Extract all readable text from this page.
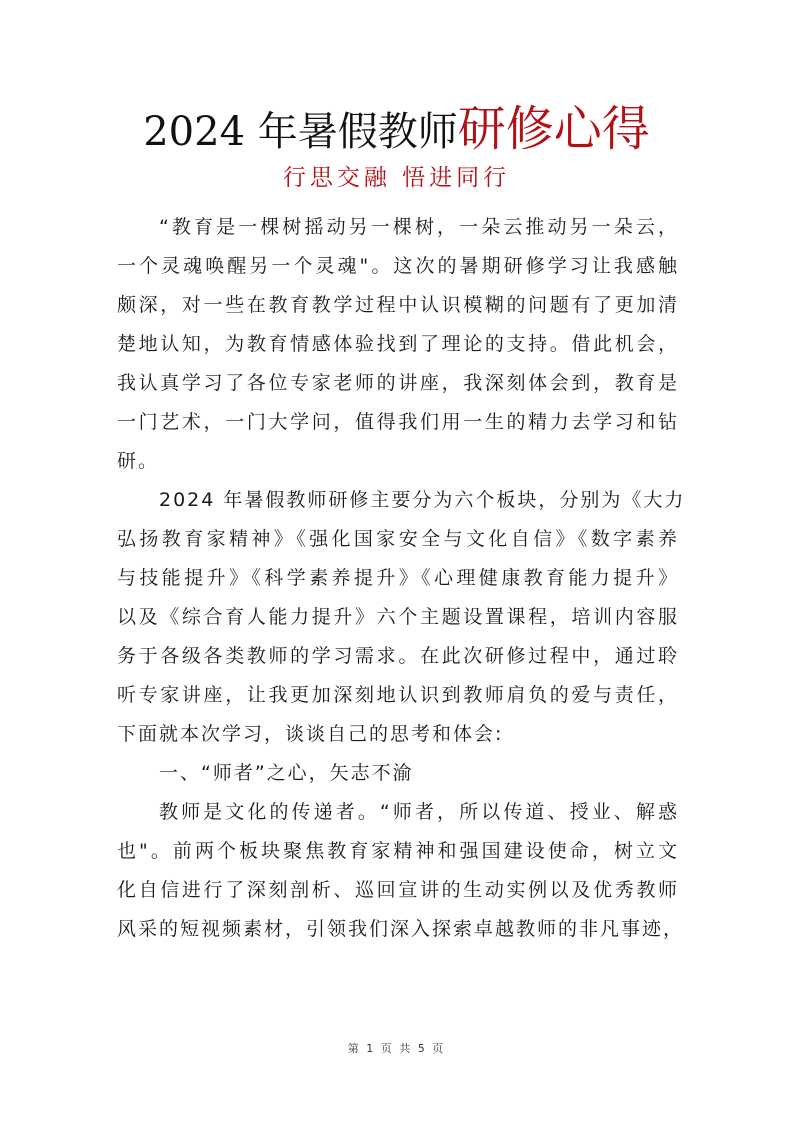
2024 年暑假教师研修心得
行思交融 悟进同行
“教育是一棵树摇动另一棵树，一朵云推动另一朵云，
一个灵魂唤醒另一个灵魂"。这次的暑期研修学习让我感触
颇深，对一些在教育教学过程中认识模糊的问题有了更加清
楚地认知，为教育情感体验找到了理论的支持。借此机会，
我认真学习了各位专家老师的讲座，我深刻体会到，教育是
一门艺术，一门大学问，值得我们用一生的精力去学习和钻
研。
2024 年暑假教师研修主要分为六个板块，分别为《大力
弘扬教育家精神》《强化国家安全与文化自信》《数字素养
与技能提升》《科学素养提升》《心理健康教育能力提升》
以及《综合育人能力提升》六个主题设置课程，培训内容服
务于各级各类教师的学习需求。在此次研修过程中，通过聆
听专家讲座，让我更加深刻地认识到教师肩负的爱与责任，
下面就本次学习，谈谈自己的思考和体会:
一、“师者”之心，矢志不渝
教师是文化的传递者。“师者，所以传道、授业、解惑
也"。前两个板块聚焦教育家精神和强国建设使命，树立文
化自信进行了深刻剖析、巡回宣讲的生动实例以及优秀教师
风采的短视频素材，引领我们深入探索卓越教师的非凡事迹，
第 1 页 共 5 页
